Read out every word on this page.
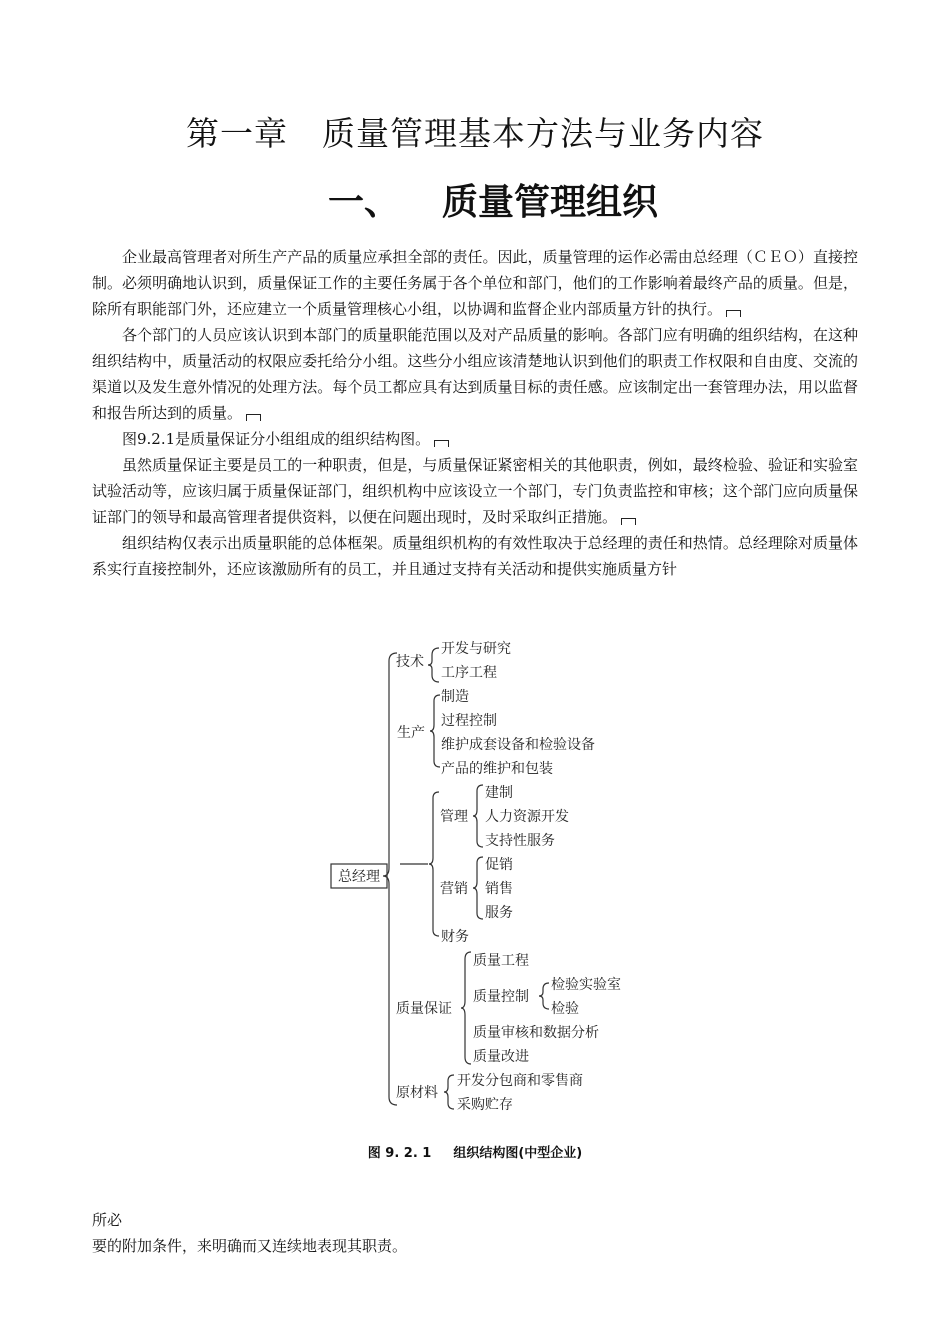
第一章　质量管理基本方法与业务内容
一、 质量管理组织

企业最高管理者对所生产产品的质量应承担全部的责任。因此，质量管理的运作必需由总经理（ＣＥＯ）直接控制。必须明确地认识到，质量保证工作的主要任务属于各个单位和部门，他们的工作影响着最终产品的质量。但是，除所有职能部门外，还应建立一个质量管理核心小组，以协调和监督企业内部质量方针的执行。

各个部门的人员应该认识到本部门的质量职能范围以及对产品质量的影响。各部门应有明确的组织结构，在这种组织结构中，质量活动的权限应委托给分小组。这些分小组应该清楚地认识到他们的职责工作权限和自由度、交流的渠道以及发生意外情况的处理方法。每个员工都应具有达到质量目标的责任感。应该制定出一套管理办法，用以监督和报告所达到的质量。

图9.2.1是质量保证分小组组成的组织结构图。

虽然质量保证主要是员工的一种职责，但是，与质量保证紧密相关的其他职责，例如，最终检验、验证和实验室试验活动等，应该归属于质量保证部门，组织机构中应该设立一个部门，专门负责监控和审核；这个部门应向质量保证部门的领导和最高管理者提供资料，以便在问题出现时，及时采取纠正措施。

组织结构仅表示出质量职能的总体框架。质量组织机构的有效性取决于总经理的责任和热情。总经理除对质量体系实行直接控制外，还应该激励所有的员工，并且通过支持有关活动和提供实施质量方针

总经理
技术
开发与研究
工序工程
生产
制造
过程控制
维护成套设备和检验设备
产品的维护和包装
管理
建制
人力资源开发
支持性服务
营销
促销
销售
服务
财务
质量保证
质量工程
质量控制
检验实验室
检验
质量审核和数据分析
质量改进
原材料
开发分包商和零售商
采购贮存
图 9. 2. 1 组织结构图(中型企业)
所必
要的附加条件，来明确而又连续地表现其职责。
